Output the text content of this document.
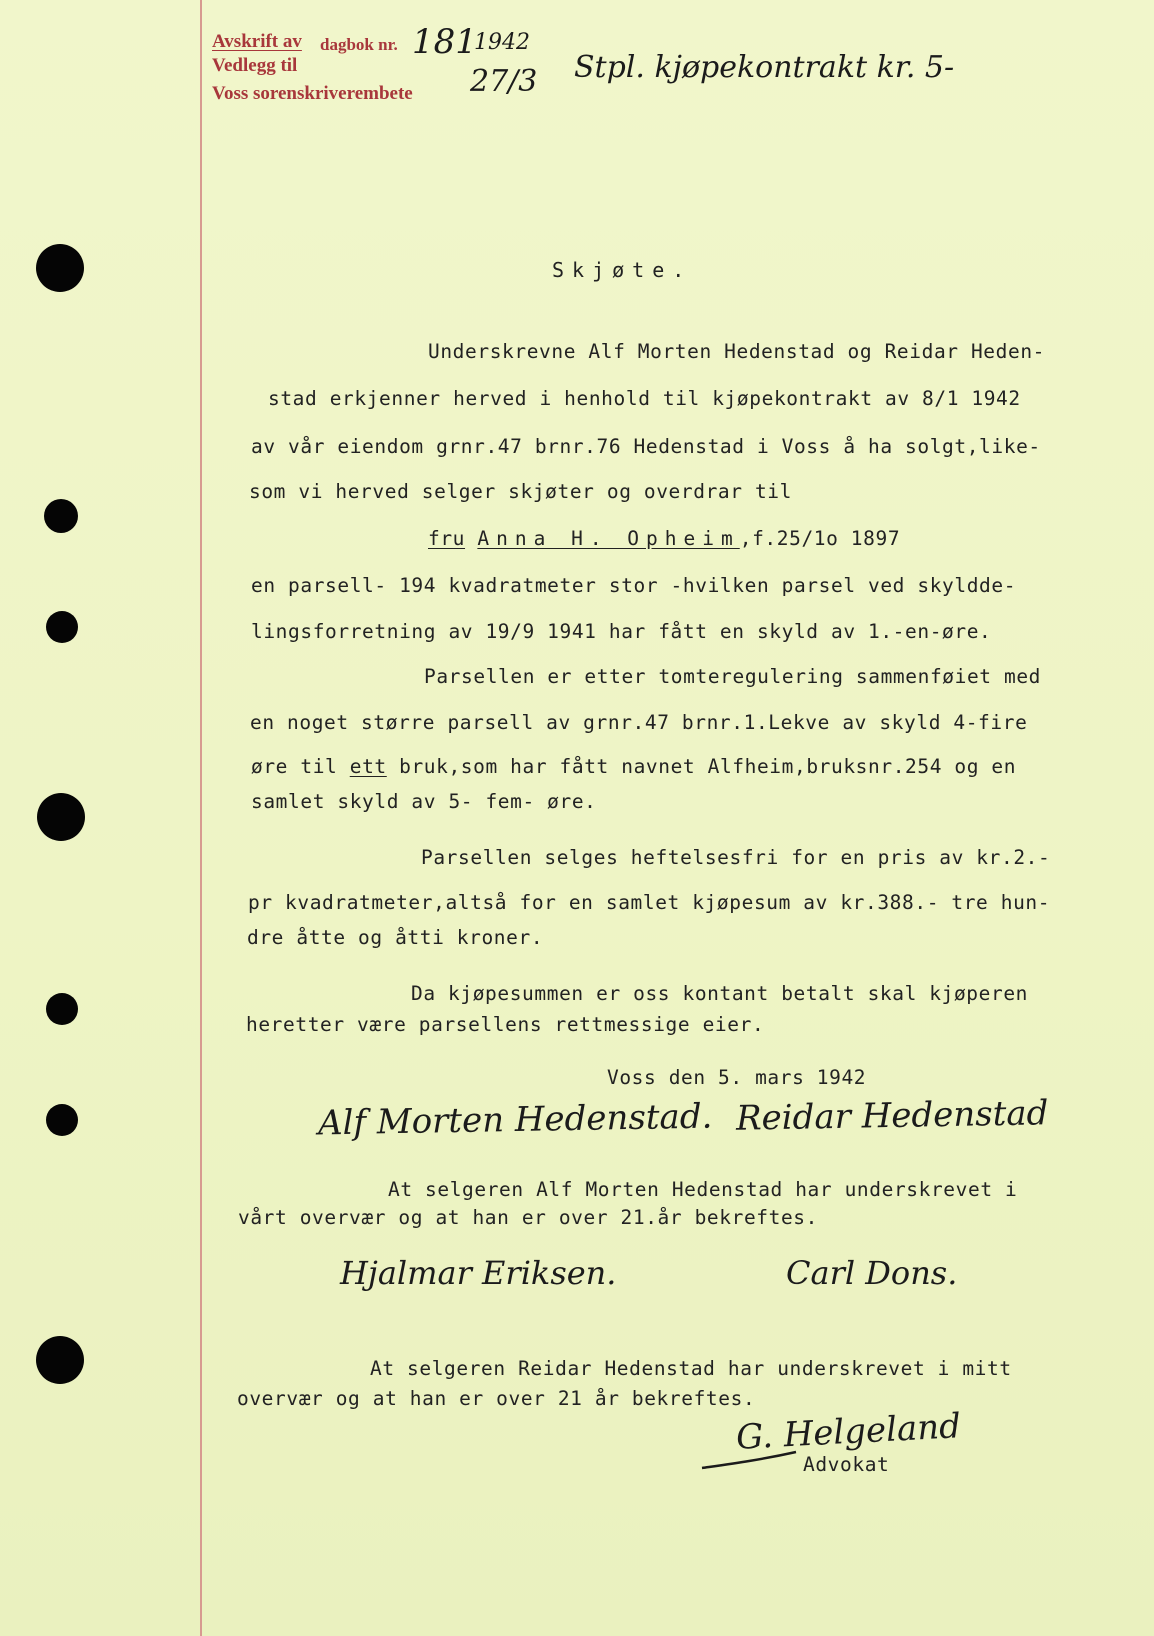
Avskrift av dagbok nr.
Vedlegg til
Voss sorenskriverembete
181
1942
27/3 Stpl. kjøpekontrakt kr. 5-
Skjøte.
Underskrevne Alf Morten Hedenstad og Reidar Heden-
stad erkjenner herved i henhold til kjøpekontrakt av 8/1 1942
av vår eiendom grnr.47 brnr.76 Hedenstad i Voss å ha solgt,like-
som vi herved selger skjøter og overdrar til
fru Anna H. Opheim,f.25/1o 1897
en parsell- 194 kvadratmeter stor -hvilken parsel ved skyldde-
lingsforretning av 19/9 1941 har fått en skyld av 1.-en-øre.
Parsellen er etter tomteregulering sammenføiet med
en noget større parsell av grnr.47 brnr.1.Lekve av skyld 4-fire
øre til ett bruk,som har fått navnet Alfheim,bruksnr.254 og en
samlet skyld av 5- fem- øre.
Parsellen selges heftelsesfri for en pris av kr.2.-
pr kvadratmeter,altså for en samlet kjøpesum av kr.388.- tre hun-
dre åtte og åtti kroner.
Da kjøpesummen er oss kontant betalt skal kjøperen
heretter være parsellens rettmessige eier.
Voss den 5. mars 1942
Alf Morten Hedenstad. Reidar Hedenstad
At selgeren Alf Morten Hedenstad har underskrevet i
vårt overvær og at han er over 21.år bekreftes.
Hjalmar Eriksen.	Carl Dons.
At selgeren Reidar Hedenstad har underskrevet i mitt
overvær og at han er over 21 år bekreftes.
G. Helgeland
Advokat
